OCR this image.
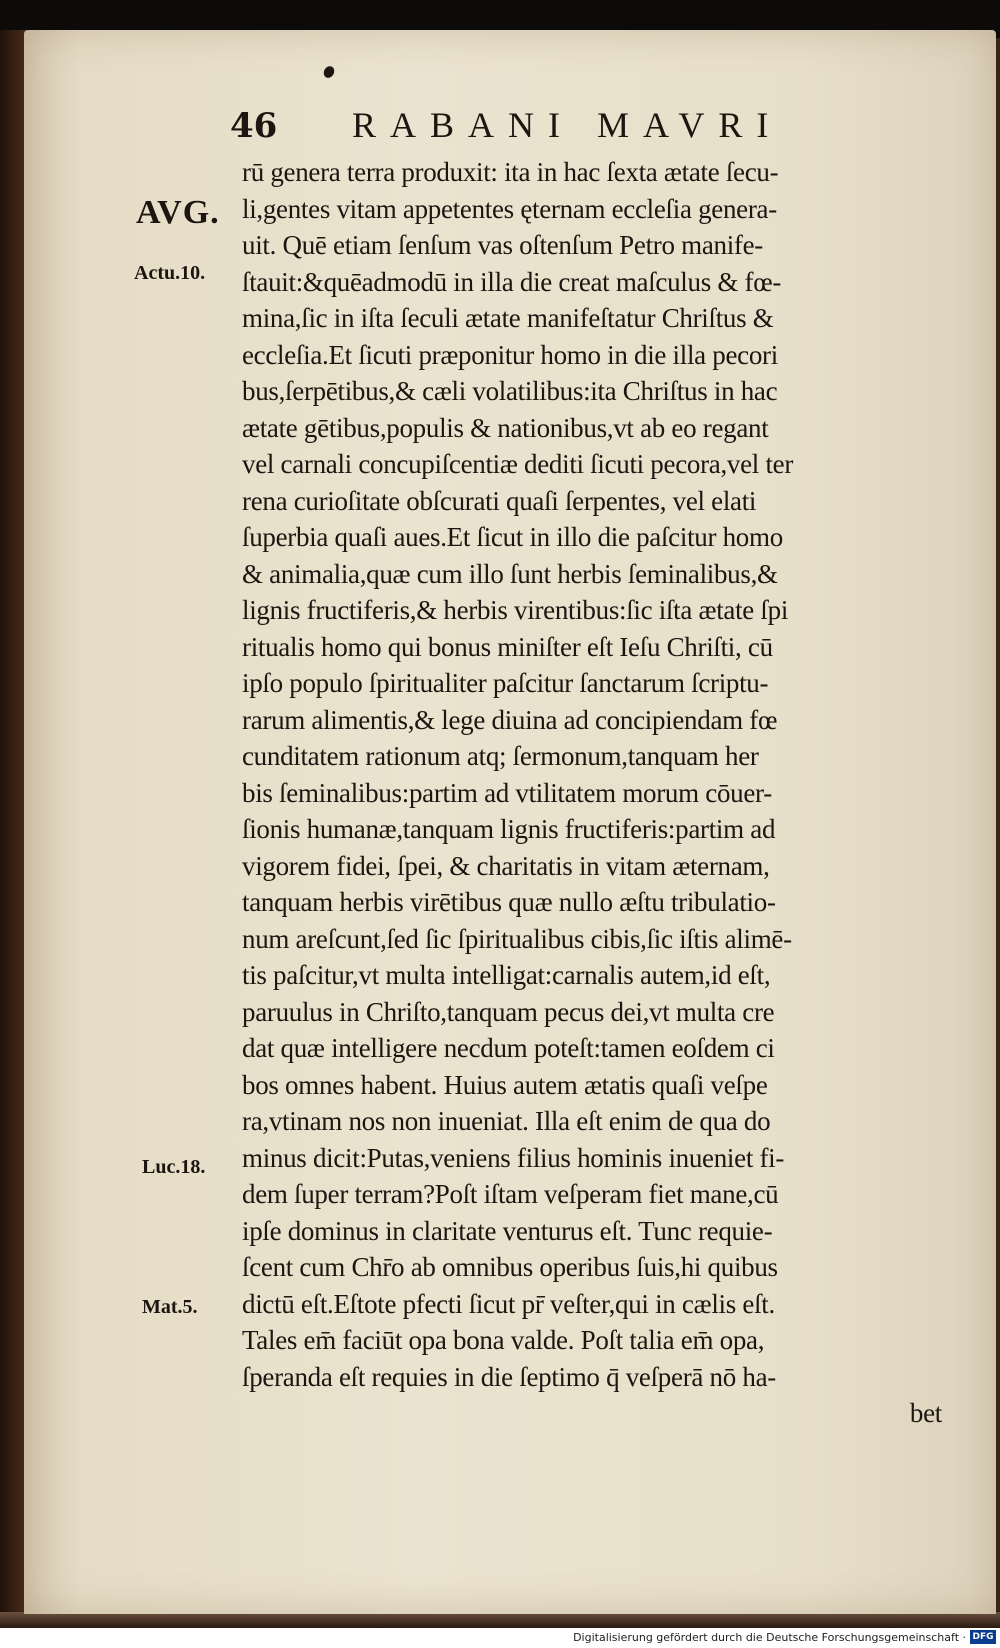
46 RABANI MAVRI
AVG.
Actu.10.
Luc.18.
Mat.5.
rū genera terra produxit: ita in hac ſexta ætate ſecu-
li,gentes vitam appetentes ęternam eccleſia genera-
uit. Quē etiam ſenſum vas oſtenſum Petro manife-
ſtauit:&quēadmodū in illa die creat maſculus & fœ-
mina,ſic in iſta ſeculi ætate manifeſtatur Chriſtus &
eccleſia.Et ſicuti præponitur homo in die illa pecori
bus,ſerpētibus,& cæli volatilibus:ita Chriſtus in hac
ætate gētibus,populis & nationibus,vt ab eo regant
vel carnali concupiſcentiæ dediti ſicuti pecora,vel ter
rena curioſitate obſcurati quaſi ſerpentes, vel elati
ſuperbia quaſi aues.Et ſicut in illo die paſcitur homo
& animalia,quæ cum illo ſunt herbis ſeminalibus,&
lignis fructiferis,& herbis virentibus:ſic iſta ætate ſpi
ritualis homo qui bonus miniſter eſt Ieſu Chriſti, cū
ipſo populo ſpiritualiter paſcitur ſanctarum ſcriptu-
rarum alimentis,& lege diuina ad concipiendam fœ
cunditatem rationum atq; ſermonum,tanquam her
bis ſeminalibus:partim ad vtilitatem morum cōuer-
ſionis humanæ,tanquam lignis fructiferis:partim ad
vigorem fidei, ſpei, & charitatis in vitam æternam,
tanquam herbis virētibus quæ nullo æſtu tribulatio-
num areſcunt,ſed ſic ſpiritualibus cibis,ſic iſtis alimē-
tis paſcitur,vt multa intelligat:carnalis autem,id eſt,
paruulus in Chriſto,tanquam pecus dei,vt multa cre
dat quæ intelligere necdum poteſt:tamen eoſdem ci
bos omnes habent. Huius autem ætatis quaſi veſpe
ra,vtinam nos non inueniat. Illa eſt enim de qua do
minus dicit:Putas,veniens filius hominis inueniet fi-
dem ſuper terram?Poſt iſtam veſperam fiet mane,cū
ipſe dominus in claritate venturus eſt. Tunc requie-
ſcent cum Chr̄o ab omnibus operibus ſuis,hi quibus
dictū eſt.Eſtote pfecti ſicut pr̄ veſter,qui in cælis eſt.
Tales em̄ faciūt opa bona valde. Poſt talia em̄ opa,
ſperanda eſt requies in die ſeptimo q̄ veſperā nō ha-
bet
Digitalisierung gefördert durch die Deutsche Forschungsgemeinschaft · DFG
